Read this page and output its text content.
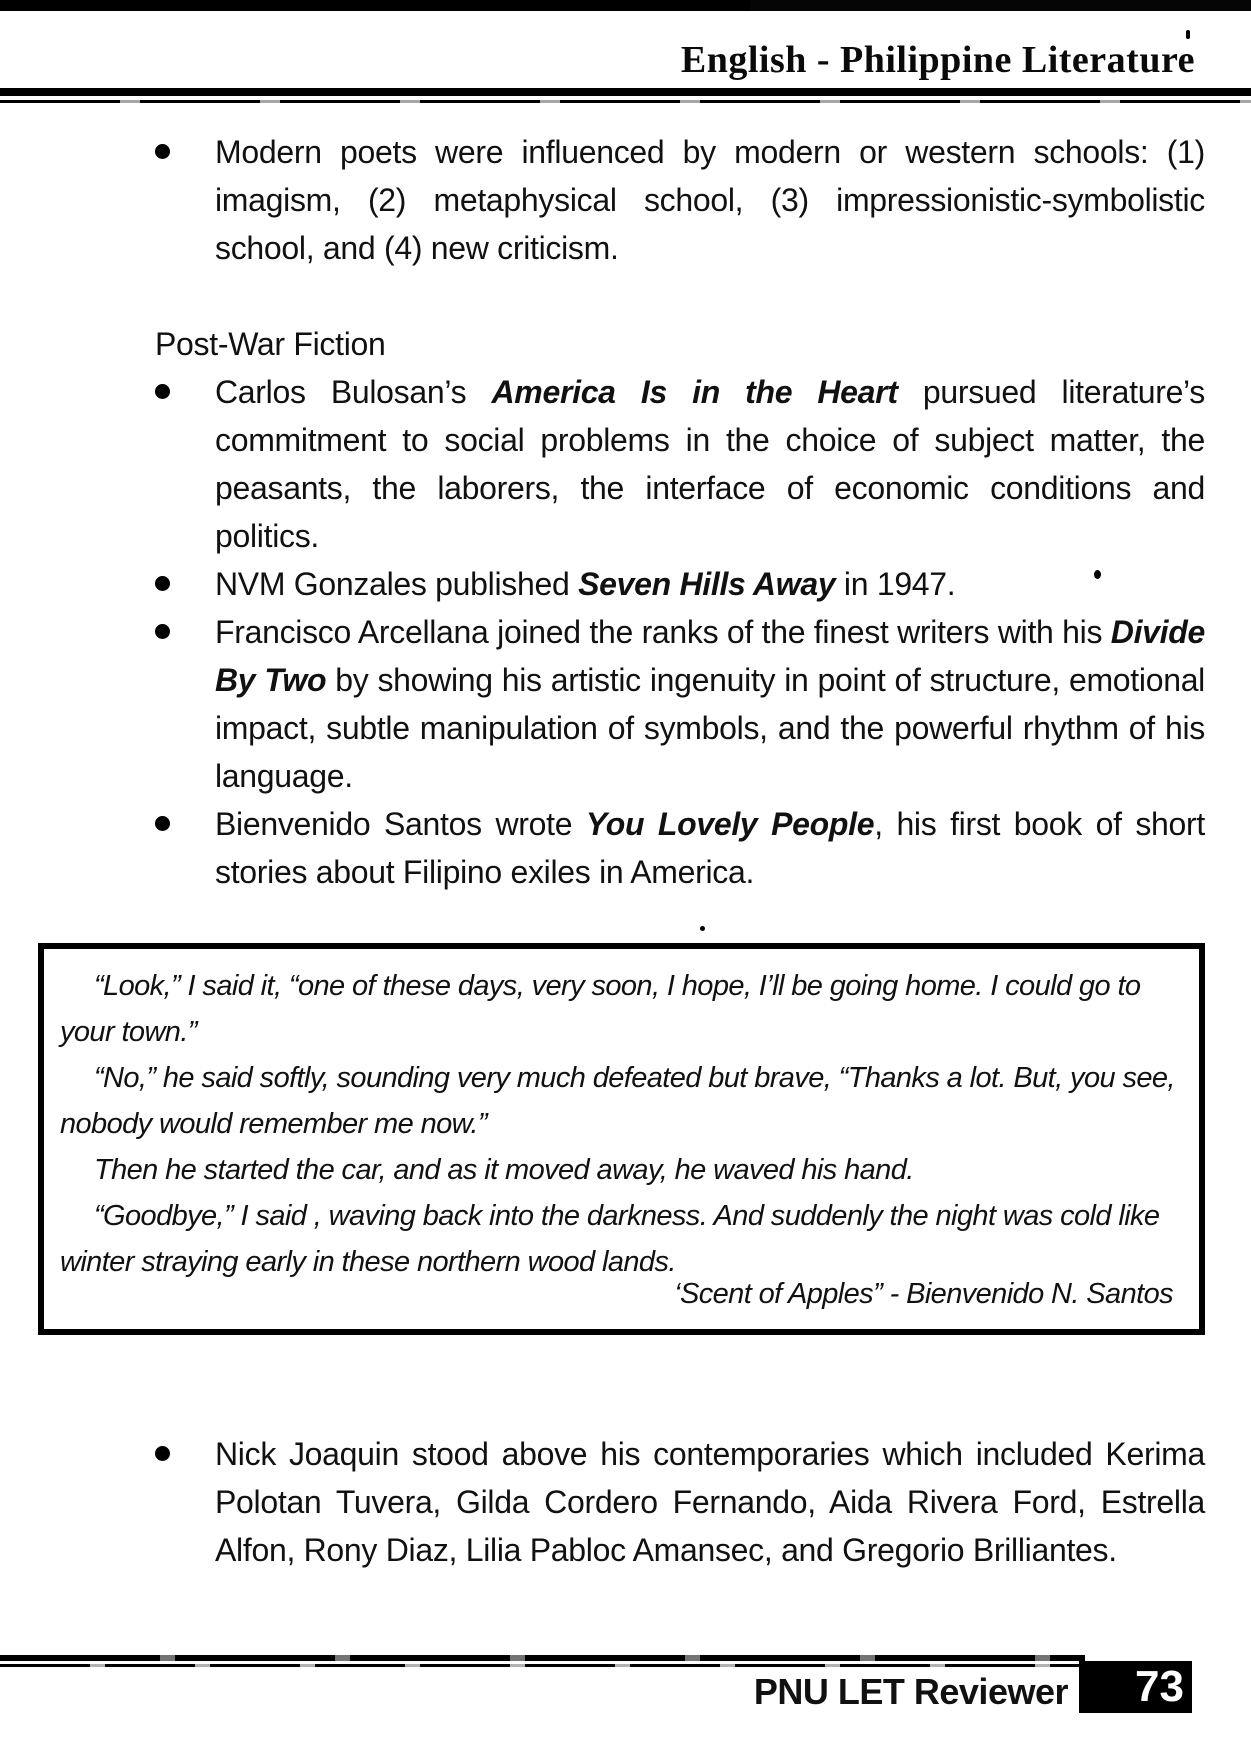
English - Philippine Literature
Modern poets were influenced by modern or western schools: (1) imagism, (2) metaphysical school, (3) impressionistic-symbolistic school, and (4) new criticism.

Post-War Fiction

Carlos Bulosan’s America Is in the Heart pursued literature’s commitment to social problems in the choice of subject matter, the peasants, the laborers, the interface of economic conditions and politics.
NVM Gonzales published Seven Hills Away in 1947.
Francisco Arcellana joined the ranks of the finest writers with his Divide By Two by showing his artistic ingenuity in point of structure, emotional impact, subtle manipulation of symbols, and the powerful rhythm of his language.
Bienvenido Santos wrote You Lovely People, his first book of short stories about Filipino exiles in America.

“Look,” I said it, “one of these days, very soon, I hope, I’ll be going home. I could go to your town.”

“No,” he said softly, sounding very much defeated but brave, “Thanks a lot. But, you see, nobody would remember me now.”

Then he started the car, and as it moved away, he waved his hand.

“Goodbye,” I said , waving back into the darkness. And suddenly the night was cold like winter straying early in these northern wood lands.

‘Scent of Apples” - Bienvenido N. Santos
Nick Joaquin stood above his contemporaries which included Kerima Polotan Tuvera, Gilda Cordero Fernando, Aida Rivera Ford, Estrella Alfon, Rony Diaz, Lilia Pabloc Amansec, and Gregorio Brilliantes.
PNU LET Reviewer	73
